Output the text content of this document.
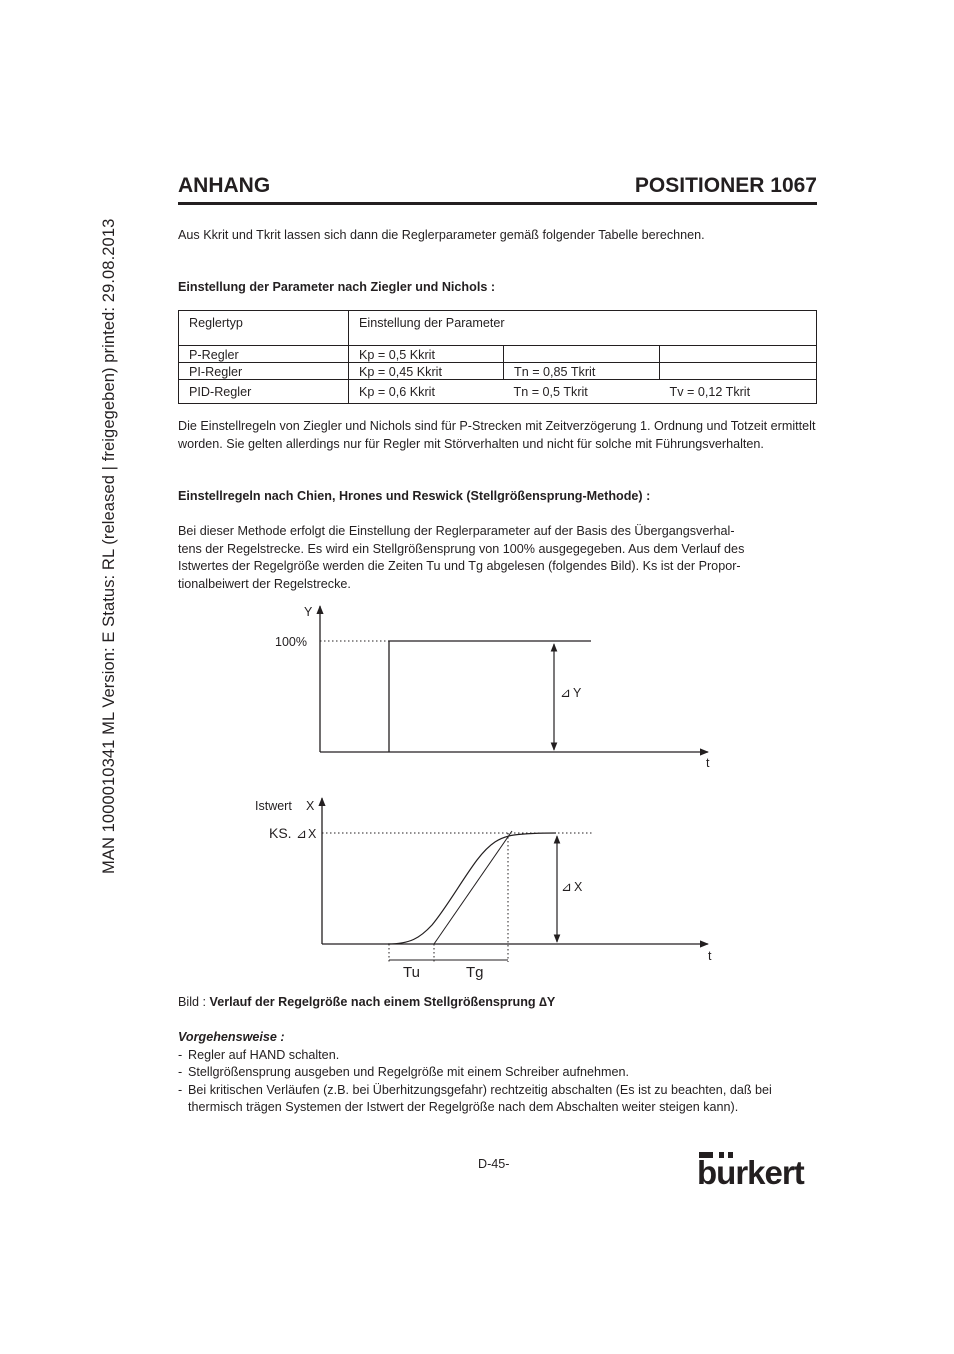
MAN 1000010341 ML Version: E Status: RL (released | freigegeben) printed: 29.08.2013
ANHANG	POSITIONER 1067
Aus Kkrit und Tkrit lassen sich dann die Reglerparameter gemäß folgender Tabelle berechnen.
Einstellung der Parameter nach Ziegler und Nichols :
Reglertyp	Einstellung der Parameter		
P-Regler	Kp = 0,5 Kkrit		
PI-Regler	Kp = 0,45 Kkrit	Tn = 0,85 Tkrit	
PID-Regler	Kp = 0,6 Kkrit	Tn = 0,5 Tkrit	Tv = 0,12 Tkrit
Die Einstellregeln von Ziegler und Nichols sind für P-Strecken mit Zeitverzögerung 1. Ordnung und Totzeit ermittelt worden. Sie gelten allerdings nur für Regler mit Störverhalten und nicht für solche mit Führungsverhalten.
Einstellregeln nach Chien, Hrones und Reswick (Stellgrößensprung-Methode) :
Bei dieser Methode erfolgt die Einstellung der Reglerparameter auf der Basis des Übergangsverhal-
tens der Regelstrecke. Es wird ein Stellgrößensprung von 100% ausgegegeben. Aus dem Verlauf des
Istwertes der Regelgröße werden die Zeiten Tu und Tg abgelesen (folgendes Bild). Ks ist der Propor-
tionalbeiwert der Regelstrecke.
Y
t
100%
⊿ Y
Istwert X
t
KS. ⊿ X
Tu	Tg
⊿ X
Bild : Verlauf der Regelgröße nach einem Stellgrößensprung ∆Y
Vorgehensweise :
- Regler auf HAND schalten.
- Stellgrößensprung ausgeben und Regelgröße mit einem Schreiber aufnehmen.
- Bei kritischen Verläufen (z.B. bei Überhitzungsgefahr) rechtzeitig abschalten (Es ist zu beachten, daß bei thermisch trägen Systemen der Istwert der Regelgröße nach dem Abschalten weiter steigen kann).
D-45-	burkert
